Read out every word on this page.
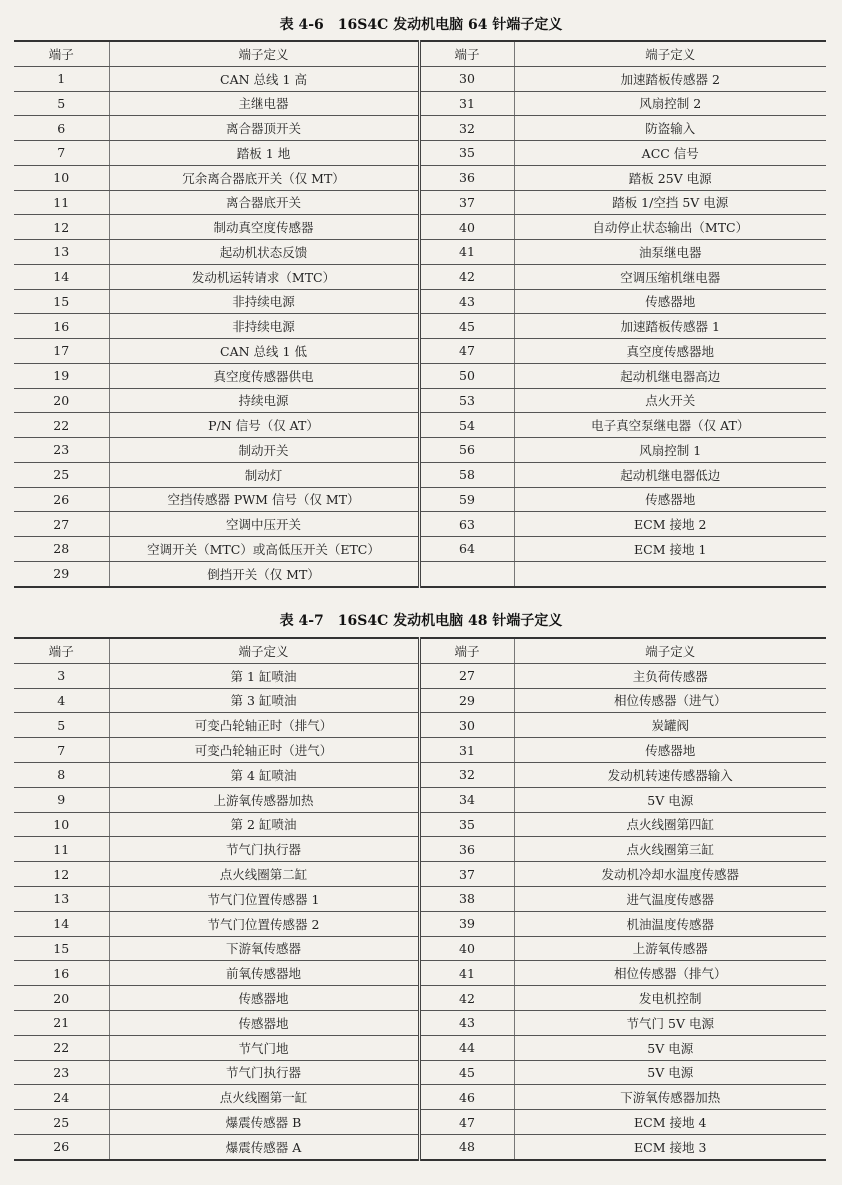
表 4-6 16S4C 发动机电脑 64 针端子定义
端子	端子定义	端子	端子定义
1	CAN 总线 1 高	30	加速踏板传感器 2
5	主继电器	31	风扇控制 2
6	离合器顶开关	32	防盗输入
7	踏板 1 地	35	ACC 信号
10	冗余离合器底开关（仅 MT）	36	踏板 25V 电源
11	离合器底开关	37	踏板 1/空挡 5V 电源
12	制动真空度传感器	40	自动停止状态输出（MTC）
13	起动机状态反馈	41	油泵继电器
14	发动机运转请求（MTC）	42	空调压缩机继电器
15	非持续电源	43	传感器地
16	非持续电源	45	加速踏板传感器 1
17	CAN 总线 1 低	47	真空度传感器地
19	真空度传感器供电	50	起动机继电器高边
20	持续电源	53	点火开关
22	P/N 信号（仅 AT）	54	电子真空泵继电器（仅 AT）
23	制动开关	56	风扇控制 1
25	制动灯	58	起动机继电器低边
26	空挡传感器 PWM 信号（仅 MT）	59	传感器地
27	空调中压开关	63	ECM 接地 2
28	空调开关（MTC）或高低压开关（ETC）	64	ECM 接地 1
29	倒挡开关（仅 MT）		
表 4-7 16S4C 发动机电脑 48 针端子定义
端子	端子定义	端子	端子定义
3	第 1 缸喷油	27	主负荷传感器
4	第 3 缸喷油	29	相位传感器（进气）
5	可变凸轮轴正时（排气）	30	炭罐阀
7	可变凸轮轴正时（进气）	31	传感器地
8	第 4 缸喷油	32	发动机转速传感器输入
9	上游氧传感器加热	34	5V 电源
10	第 2 缸喷油	35	点火线圈第四缸
11	节气门执行器	36	点火线圈第三缸
12	点火线圈第二缸	37	发动机冷却水温度传感器
13	节气门位置传感器 1	38	进气温度传感器
14	节气门位置传感器 2	39	机油温度传感器
15	下游氧传感器	40	上游氧传感器
16	前氧传感器地	41	相位传感器（排气）
20	传感器地	42	发电机控制
21	传感器地	43	节气门 5V 电源
22	节气门地	44	5V 电源
23	节气门执行器	45	5V 电源
24	点火线圈第一缸	46	下游氧传感器加热
25	爆震传感器 B	47	ECM 接地 4
26	爆震传感器 A	48	ECM 接地 3
